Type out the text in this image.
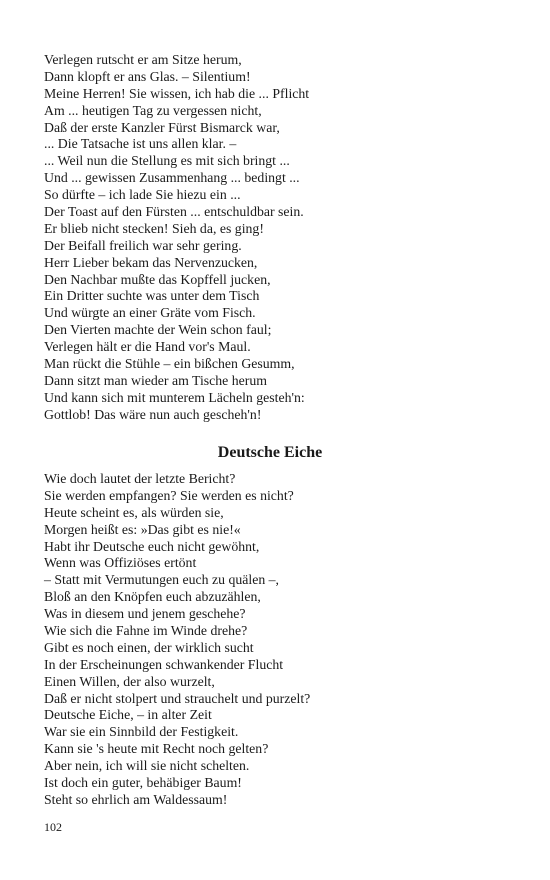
Verlegen rutscht er am Sitze herum,
Dann klopft er ans Glas. – Silentium!
Meine Herren! Sie wissen, ich hab die ... Pflicht
Am ... heutigen Tag zu vergessen nicht,
Daß der erste Kanzler Fürst Bismarck war,
... Die Tatsache ist uns allen klar. –
... Weil nun die Stellung es mit sich bringt ...
Und ... gewissen Zusammenhang ... bedingt ...
So dürfte – ich lade Sie hiezu ein ...
Der Toast auf den Fürsten ... entschuldbar sein.
Er blieb nicht stecken! Sieh da, es ging!
Der Beifall freilich war sehr gering.
Herr Lieber bekam das Nervenzucken,
Den Nachbar mußte das Kopffell jucken,
Ein Dritter suchte was unter dem Tisch
Und würgte an einer Gräte vom Fisch.
Den Vierten machte der Wein schon faul;
Verlegen hält er die Hand vor's Maul.
Man rückt die Stühle – ein bißchen Gesumm,
Dann sitzt man wieder am Tische herum
Und kann sich mit munterem Lächeln gesteh'n:
Gottlob! Das wäre nun auch gescheh'n!
Deutsche Eiche
Wie doch lautet der letzte Bericht?
Sie werden empfangen? Sie werden es nicht?
Heute scheint es, als würden sie,
Morgen heißt es: »Das gibt es nie!«
Habt ihr Deutsche euch nicht gewöhnt,
Wenn was Offiziöses ertönt
– Statt mit Vermutungen euch zu quälen –,
Bloß an den Knöpfen euch abzuzählen,
Was in diesem und jenem geschehe?
Wie sich die Fahne im Winde drehe?
Gibt es noch einen, der wirklich sucht
In der Erscheinungen schwankender Flucht
Einen Willen, der also wurzelt,
Daß er nicht stolpert und strauchelt und purzelt?
Deutsche Eiche, – in alter Zeit
War sie ein Sinnbild der Festigkeit.
Kann sie 's heute mit Recht noch gelten?
Aber nein, ich will sie nicht schelten.
Ist doch ein guter, behäbiger Baum!
Steht so ehrlich am Waldessaum!
102
